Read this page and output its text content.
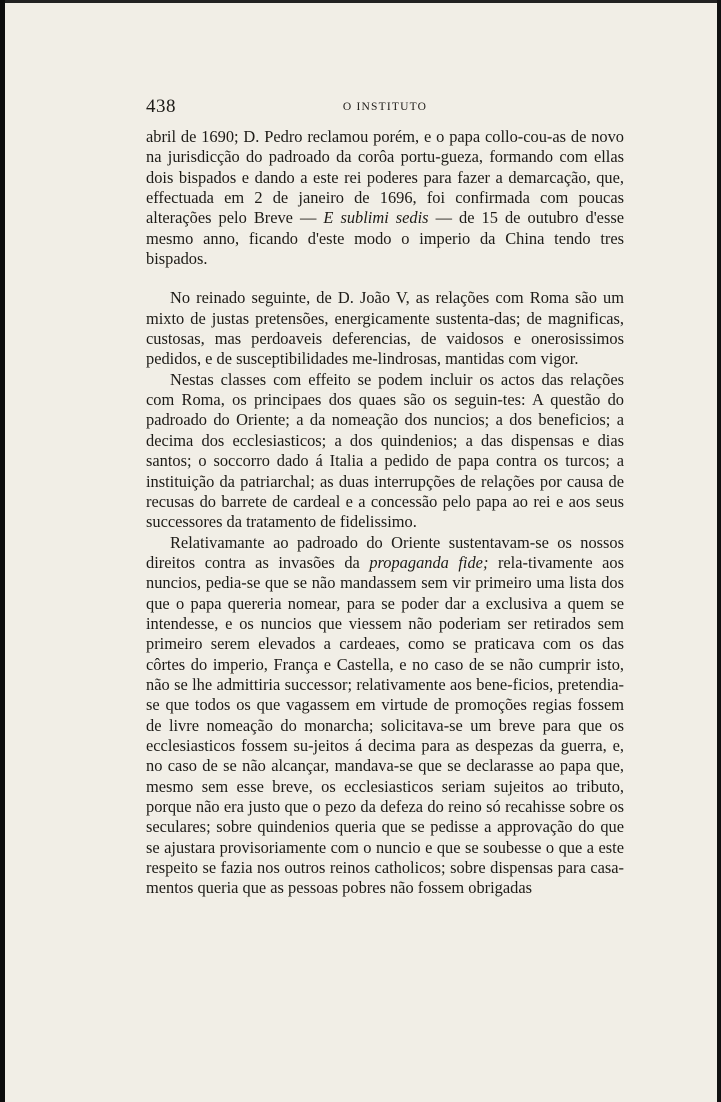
438	O INSTITUTO

abril de 1690; D. Pedro reclamou porém, e o papa collo-cou-as de novo na jurisdicção do padroado da corôa portu-gueza, formando com ellas dois bispados e dando a este rei poderes para fazer a demarcação, que, effectuada em 2 de janeiro de 1696, foi confirmada com poucas alterações pelo Breve — E sublimi sedis — de 15 de outubro d'esse mesmo anno, ficando d'este modo o imperio da China tendo tres bispados.

No reinado seguinte, de D. João V, as relações com Roma são um mixto de justas pretensões, energicamente sustenta-das; de magnificas, custosas, mas perdoaveis deferencias, de vaidosos e onerosissimos pedidos, e de susceptibilidades me-lindrosas, mantidas com vigor.

Nestas classes com effeito se podem incluir os actos das relações com Roma, os principaes dos quaes são os seguin-tes: A questão do padroado do Oriente; a da nomeação dos nuncios; a dos beneficios; a decima dos ecclesiasticos; a dos quindenios; a das dispensas e dias santos; o soccorro dado á Italia a pedido de papa contra os turcos; a instituição da patriarchal; as duas interrupções de relações por causa de recusas do barrete de cardeal e a concessão pelo papa ao rei e aos seus successores da tratamento de fidelissimo.

Relativamante ao padroado do Oriente sustentavam-se os nossos direitos contra as invasões da propaganda fide; rela-tivamente aos nuncios, pedia-se que se não mandassem sem vir primeiro uma lista dos que o papa quereria nomear, para se poder dar a exclusiva a quem se intendesse, e os nuncios que viessem não poderiam ser retirados sem primeiro serem elevados a cardeaes, como se praticava com os das côrtes do imperio, França e Castella, e no caso de se não cumprir isto, não se lhe admittiria successor; relativamente aos bene-ficios, pretendia-se que todos os que vagassem em virtude de promoções regias fossem de livre nomeação do monarcha; solicitava-se um breve para que os ecclesiasticos fossem su-jeitos á decima para as despezas da guerra, e, no caso de se não alcançar, mandava-se que se declarasse ao papa que, mesmo sem esse breve, os ecclesiasticos seriam sujeitos ao tributo, porque não era justo que o pezo da defeza do reino só recahisse sobre os seculares; sobre quindenios queria que se pedisse a approvação do que se ajustara provisoriamente com o nuncio e que se soubesse o que a este respeito se fazia nos outros reinos catholicos; sobre dispensas para casa-mentos queria que as pessoas pobres não fossem obrigadas
